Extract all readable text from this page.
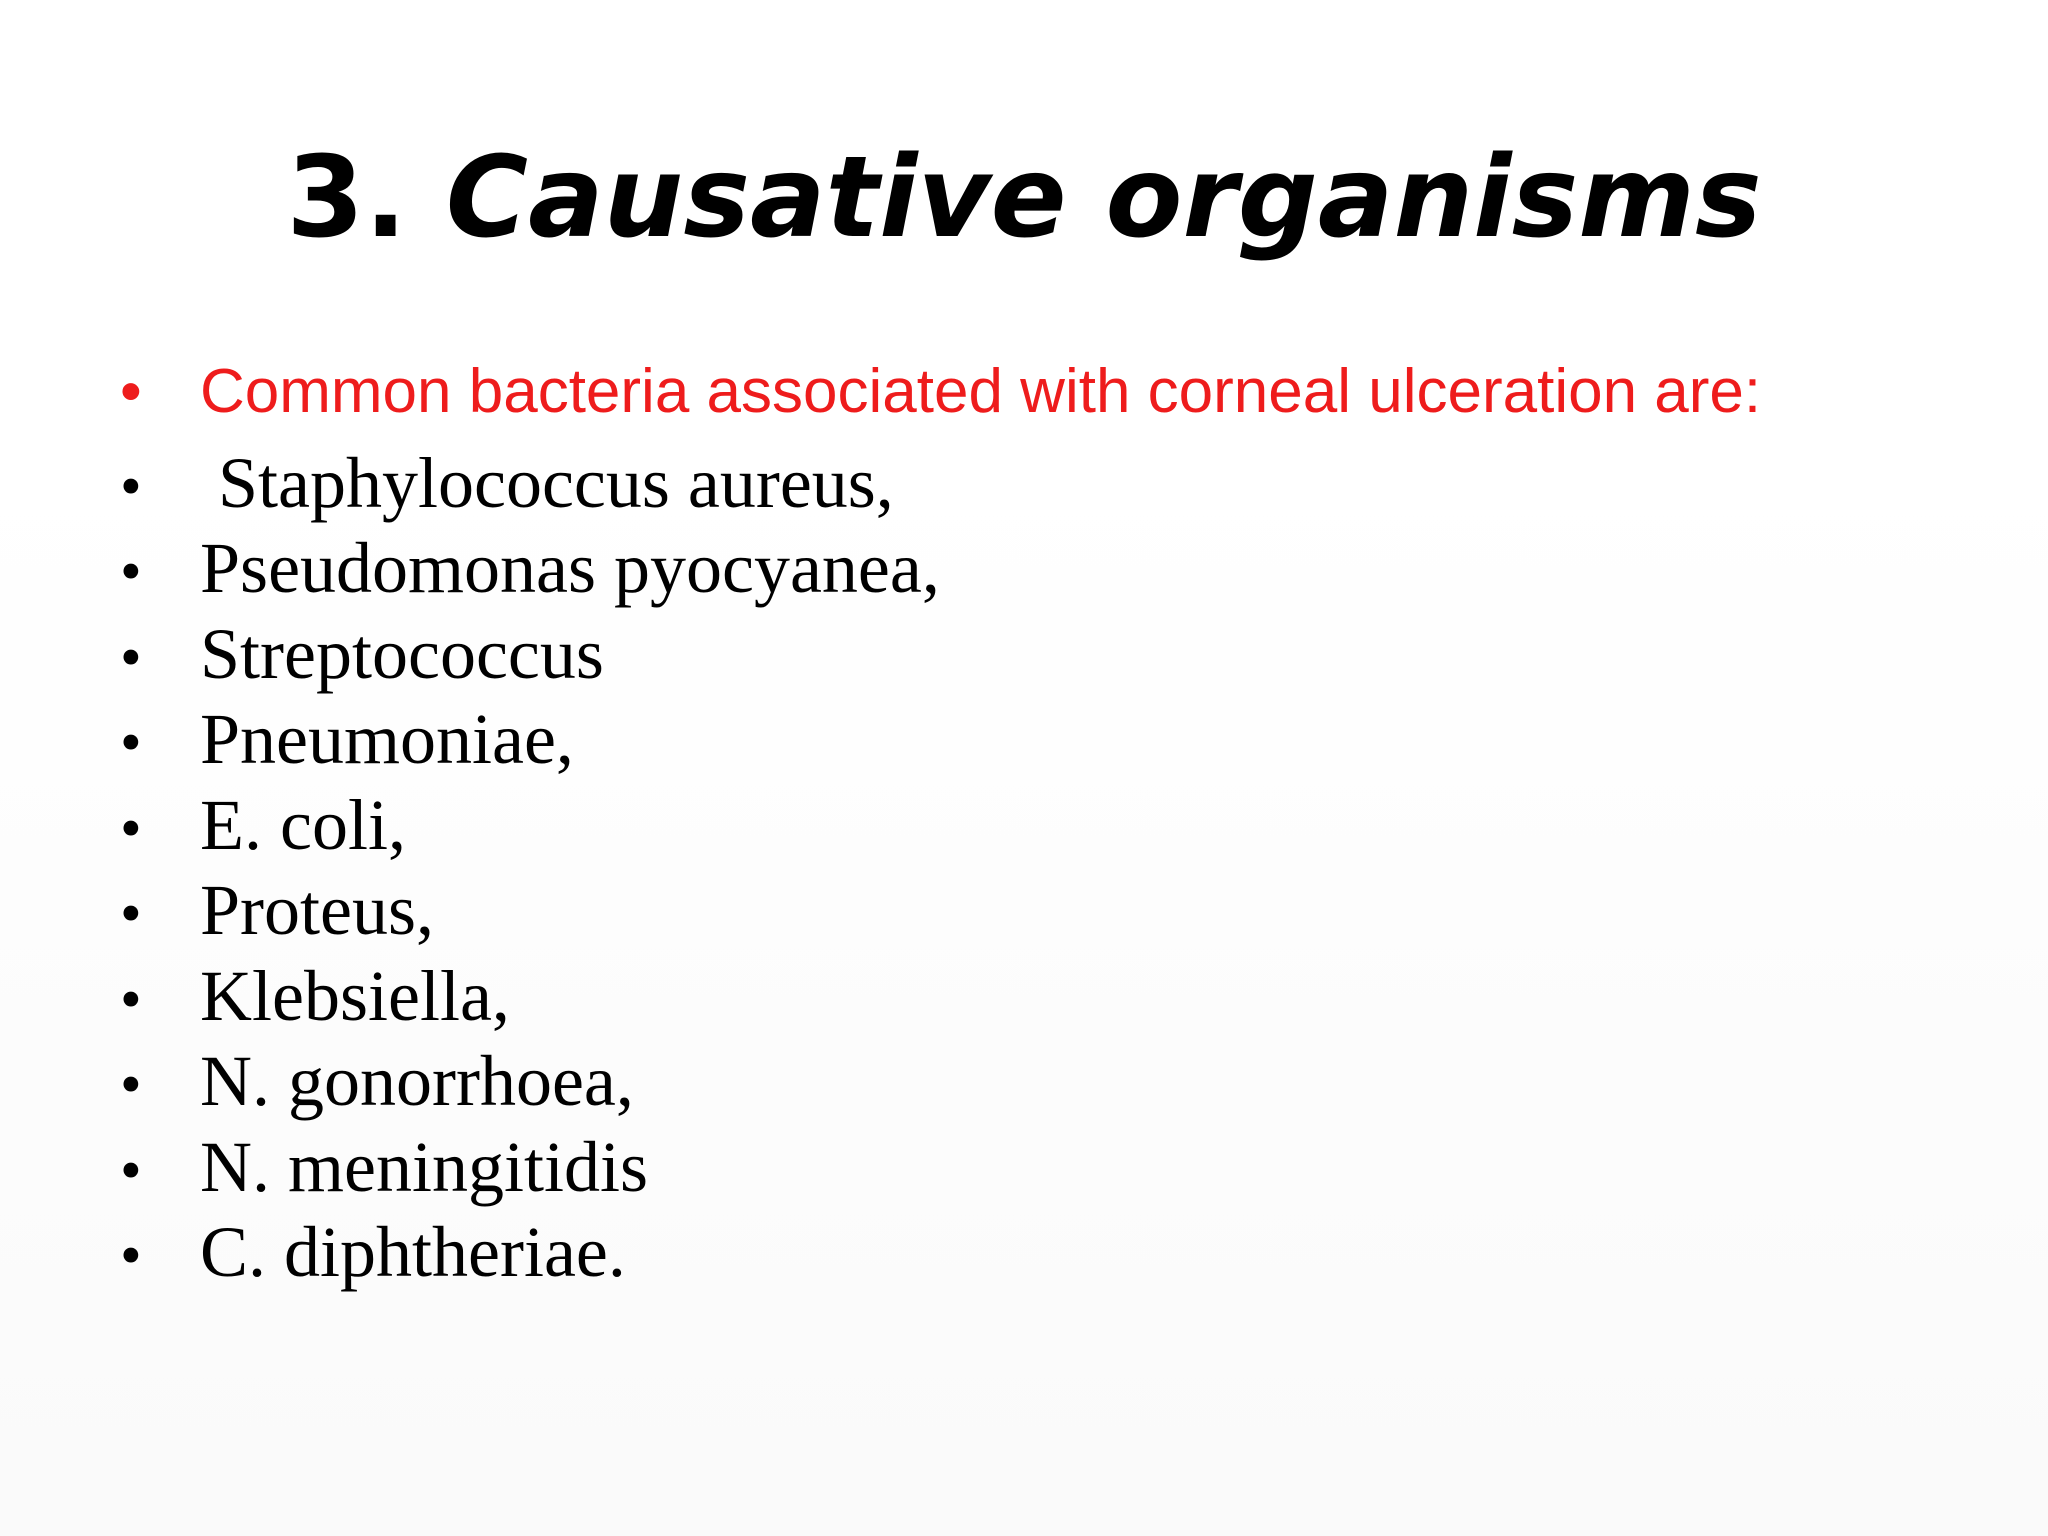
3. Causative organisms
• Common bacteria associated with corneal ulceration are:
•	Staphylococcus aureus,
• Pseudomonas pyocyanea,
• Streptococcus
• Pneumoniae,
• E. coli,
• Proteus,
• Klebsiella,
• N. gonorrhoea,
• N. meningitidis
• C. diphtheriae.
